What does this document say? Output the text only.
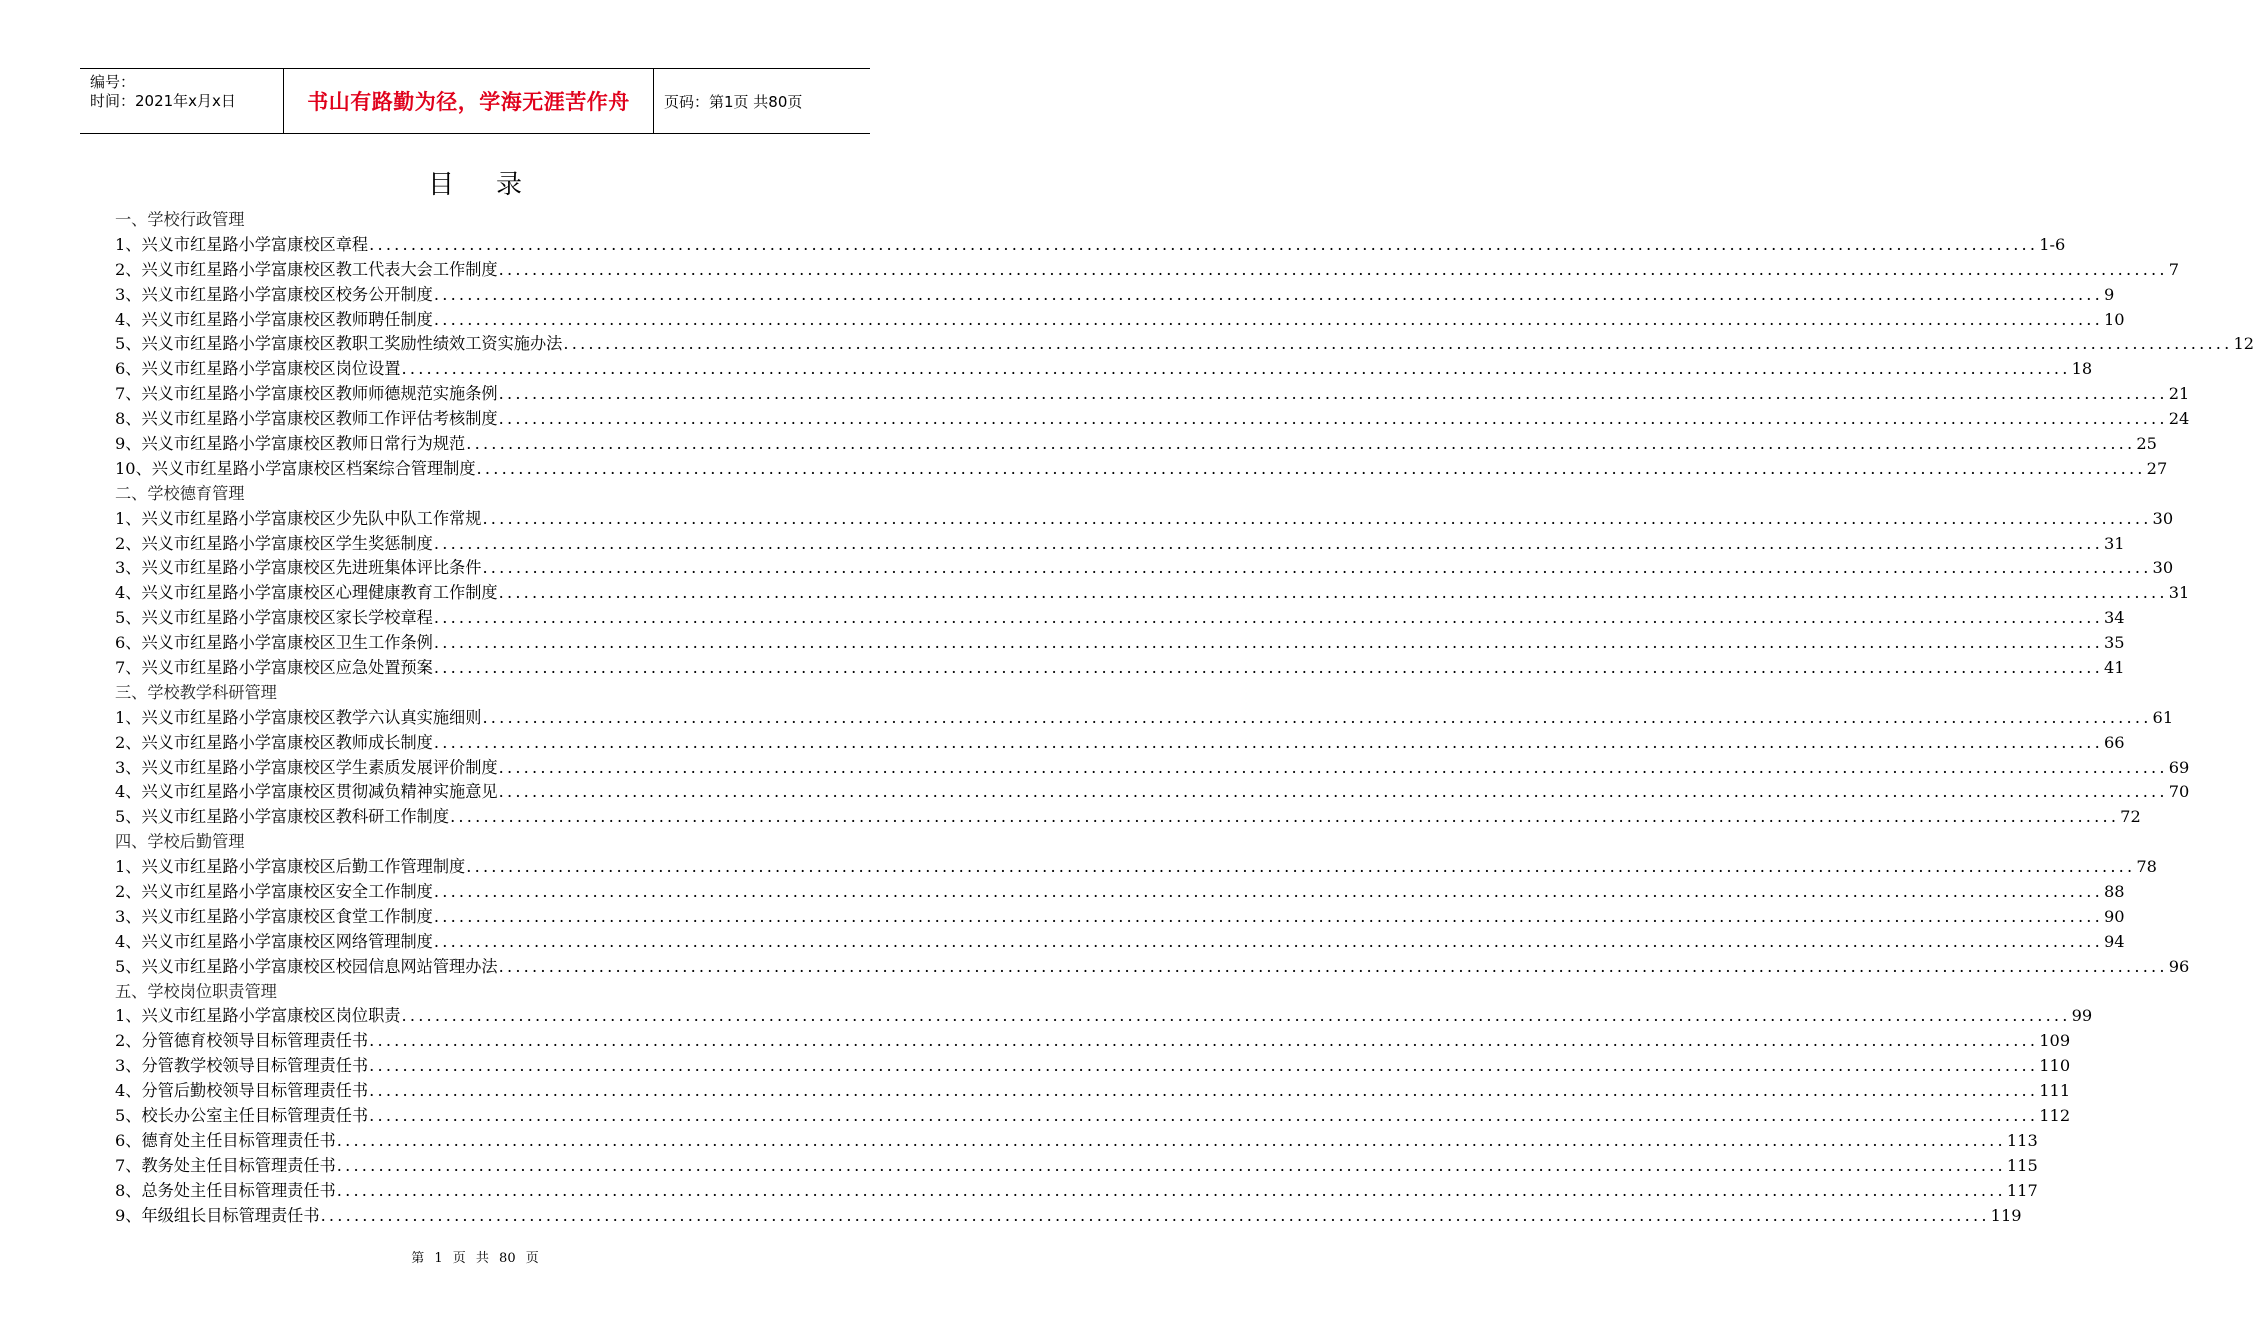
编号：
时间：2021年x月x日	书山有路勤为径，学海无涯苦作舟	页码：第1页 共80页
目录
一、学校行政管理
1、兴义市红星路小学富康校区章程 ........................................................................................................................................................................................................ 1-6
2、兴义市红星路小学富康校区教工代表大会工作制度 ........................................................................................................................................................................................................ 7
3、兴义市红星路小学富康校区校务公开制度 ........................................................................................................................................................................................................ 9
4、兴义市红星路小学富康校区教师聘任制度 ........................................................................................................................................................................................................ 10
5、兴义市红星路小学富康校区教职工奖励性绩效工资实施办法 ........................................................................................................................................................................................................ 12
6、兴义市红星路小学富康校区岗位设置 ........................................................................................................................................................................................................ 18
7、兴义市红星路小学富康校区教师师德规范实施条例 ........................................................................................................................................................................................................ 21
8、兴义市红星路小学富康校区教师工作评估考核制度 ........................................................................................................................................................................................................ 24
9、兴义市红星路小学富康校区教师日常行为规范 ........................................................................................................................................................................................................ 25
10、兴义市红星路小学富康校区档案综合管理制度 ........................................................................................................................................................................................................ 27
二、学校德育管理
1、兴义市红星路小学富康校区少先队中队工作常规 ........................................................................................................................................................................................................ 30
2、兴义市红星路小学富康校区学生奖惩制度 ........................................................................................................................................................................................................ 31
3、兴义市红星路小学富康校区先进班集体评比条件 ........................................................................................................................................................................................................ 30
4、兴义市红星路小学富康校区心理健康教育工作制度 ........................................................................................................................................................................................................ 31
5、兴义市红星路小学富康校区家长学校章程 ........................................................................................................................................................................................................ 34
6、兴义市红星路小学富康校区卫生工作条例 ........................................................................................................................................................................................................ 35
7、兴义市红星路小学富康校区应急处置预案 ........................................................................................................................................................................................................ 41
三、学校教学科研管理
1、兴义市红星路小学富康校区教学六认真实施细则 ........................................................................................................................................................................................................ 61
2、兴义市红星路小学富康校区教师成长制度 ........................................................................................................................................................................................................ 66
3、兴义市红星路小学富康校区学生素质发展评价制度 ........................................................................................................................................................................................................ 69
4、兴义市红星路小学富康校区贯彻减负精神实施意见 ........................................................................................................................................................................................................ 70
5、兴义市红星路小学富康校区教科研工作制度 ........................................................................................................................................................................................................ 72
四、学校后勤管理
1、兴义市红星路小学富康校区后勤工作管理制度 ........................................................................................................................................................................................................ 78
2、兴义市红星路小学富康校区安全工作制度 ........................................................................................................................................................................................................ 88
3、兴义市红星路小学富康校区食堂工作制度 ........................................................................................................................................................................................................ 90
4、兴义市红星路小学富康校区网络管理制度 ........................................................................................................................................................................................................ 94
5、兴义市红星路小学富康校区校园信息网站管理办法 ........................................................................................................................................................................................................ 96
五、学校岗位职责管理
1、兴义市红星路小学富康校区岗位职责 ........................................................................................................................................................................................................ 99
2、分管德育校领导目标管理责任书 ........................................................................................................................................................................................................ 109
3、分管教学校领导目标管理责任书 ........................................................................................................................................................................................................ 110
4、分管后勤校领导目标管理责任书 ........................................................................................................................................................................................................ 111
5、校长办公室主任目标管理责任书 ........................................................................................................................................................................................................ 112
6、德育处主任目标管理责任书 ........................................................................................................................................................................................................ 113
7、教务处主任目标管理责任书 ........................................................................................................................................................................................................ 115
8、总务处主任目标管理责任书 ........................................................................................................................................................................................................ 117
9、年级组长目标管理责任书 ........................................................................................................................................................................................................ 119
第 1 页 共 80 页
